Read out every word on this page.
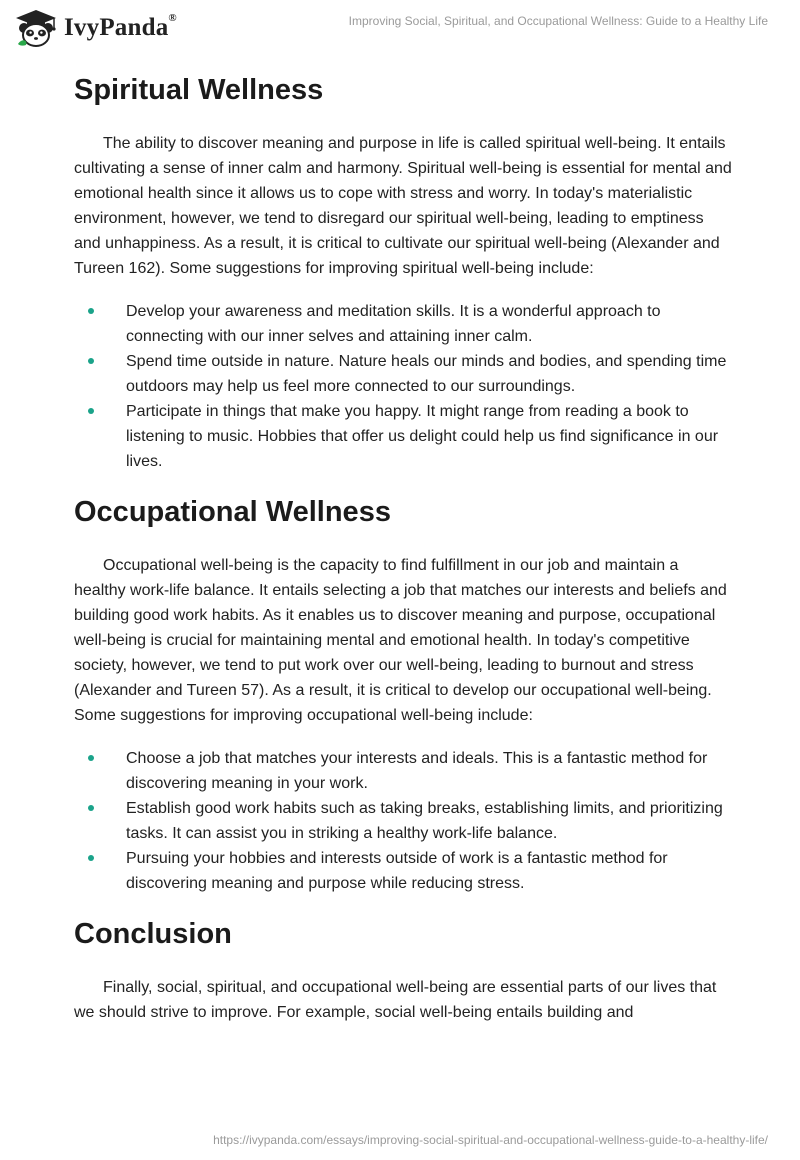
IvyPanda®	Improving Social, Spiritual, and Occupational Wellness: Guide to a Healthy Life
Spiritual Wellness

The ability to discover meaning and purpose in life is called spiritual well-being. It entails cultivating a sense of inner calm and harmony. Spiritual well-being is essential for mental and emotional health since it allows us to cope with stress and worry. In today's materialistic environment, however, we tend to disregard our spiritual well-being, leading to emptiness and unhappiness. As a result, it is critical to cultivate our spiritual well-being (Alexander and Tureen 162). Some suggestions for improving spiritual well-being include:

Develop your awareness and meditation skills. It is a wonderful approach to connecting with our inner selves and attaining inner calm.
Spend time outside in nature. Nature heals our minds and bodies, and spending time outdoors may help us feel more connected to our surroundings.
Participate in things that make you happy. It might range from reading a book to listening to music. Hobbies that offer us delight could help us find significance in our lives.
Occupational Wellness

Occupational well-being is the capacity to find fulfillment in our job and maintain a healthy work-life balance. It entails selecting a job that matches our interests and beliefs and building good work habits. As it enables us to discover meaning and purpose, occupational well-being is crucial for maintaining mental and emotional health. In today's competitive society, however, we tend to put work over our well-being, leading to burnout and stress (Alexander and Tureen 57). As a result, it is critical to develop our occupational well-being. Some suggestions for improving occupational well-being include:

Choose a job that matches your interests and ideals. This is a fantastic method for discovering meaning in your work.
Establish good work habits such as taking breaks, establishing limits, and prioritizing tasks. It can assist you in striking a healthy work-life balance.
Pursuing your hobbies and interests outside of work is a fantastic method for discovering meaning and purpose while reducing stress.
Conclusion

Finally, social, spiritual, and occupational well-being are essential parts of our lives that we should strive to improve. For example, social well-being entails building and

https://ivypanda.com/essays/improving-social-spiritual-and-occupational-wellness-guide-to-a-healthy-life/
